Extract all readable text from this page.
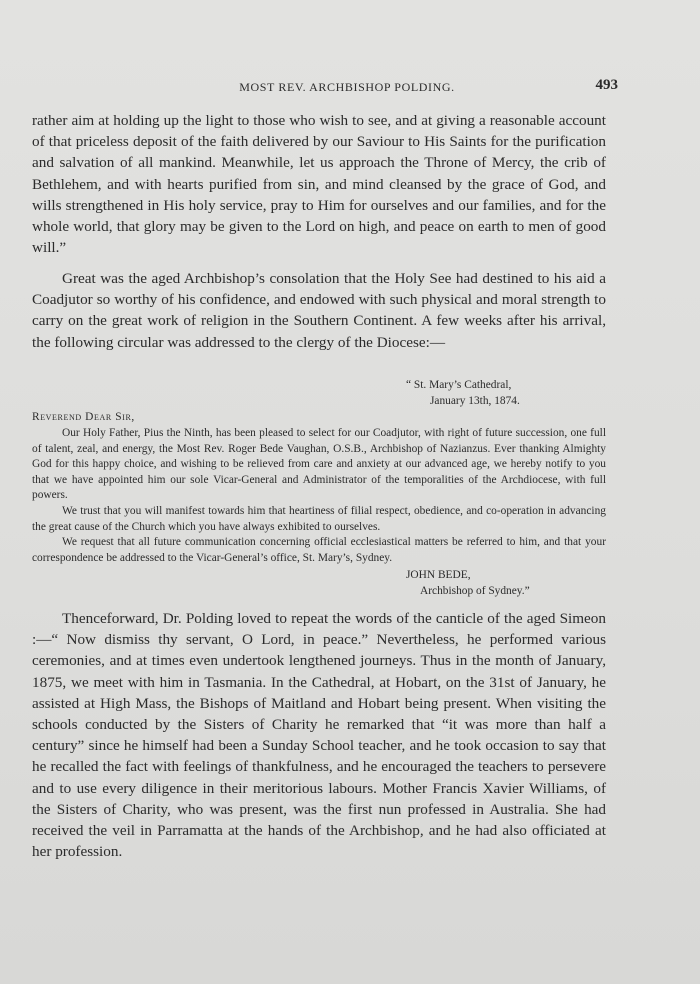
MOST REV. ARCHBISHOP POLDING.	493

rather aim at holding up the light to those who wish to see, and at giving a reasonable account of that priceless deposit of the faith delivered by our Saviour to His Saints for the purification and salvation of all mankind. Meanwhile, let us approach the Throne of Mercy, the crib of Bethlehem, and with hearts purified from sin, and mind cleansed by the grace of God, and wills strengthened in His holy service, pray to Him for ourselves and our families, and for the whole world, that glory may be given to the Lord on high, and peace on earth to men of good will.”

Great was the aged Archbishop’s consolation that the Holy See had destined to his aid a Coadjutor so worthy of his confidence, and endowed with such physical and moral strength to carry on the great work of religion in the Southern Continent. A few weeks after his arrival, the following circular was addressed to the clergy of the Diocese:—

“ St. Mary’s Cathedral,
January 13th, 1874.
Reverend Dear Sir,

Our Holy Father, Pius the Ninth, has been pleased to select for our Coadjutor, with right of future succession, one full of talent, zeal, and energy, the Most Rev. Roger Bede Vaughan, O.S.B., Archbishop of Nazianzus. Ever thanking Almighty God for this happy choice, and wishing to be relieved from care and anxiety at our advanced age, we hereby notify to you that we have appointed him our sole Vicar-General and Administrator of the temporalities of the Archdiocese, with full powers.

We trust that you will manifest towards him that heartiness of filial respect, obedience, and co-operation in advancing the great cause of the Church which you have always exhibited to ourselves.

We request that all future communication concerning official ecclesiastical matters be referred to him, and that your correspondence be addressed to the Vicar-General’s office, St. Mary’s, Sydney.

JOHN BEDE,
Archbishop of Sydney.”

Thenceforward, Dr. Polding loved to repeat the words of the canticle of the aged Simeon :—“ Now dismiss thy servant, O Lord, in peace.” Nevertheless, he performed various ceremonies, and at times even undertook lengthened journeys. Thus in the month of January, 1875, we meet with him in Tasmania. In the Cathedral, at Hobart, on the 31st of January, he assisted at High Mass, the Bishops of Maitland and Hobart being present. When visiting the schools conducted by the Sisters of Charity he remarked that “it was more than half a century” since he himself had been a Sunday School teacher, and he took occasion to say that he recalled the fact with feelings of thankfulness, and he encouraged the teachers to persevere and to use every diligence in their meritorious labours. Mother Francis Xavier Williams, of the Sisters of Charity, who was present, was the first nun professed in Australia. She had received the veil in Parramatta at the hands of the Archbishop, and he had also officiated at her profession.
